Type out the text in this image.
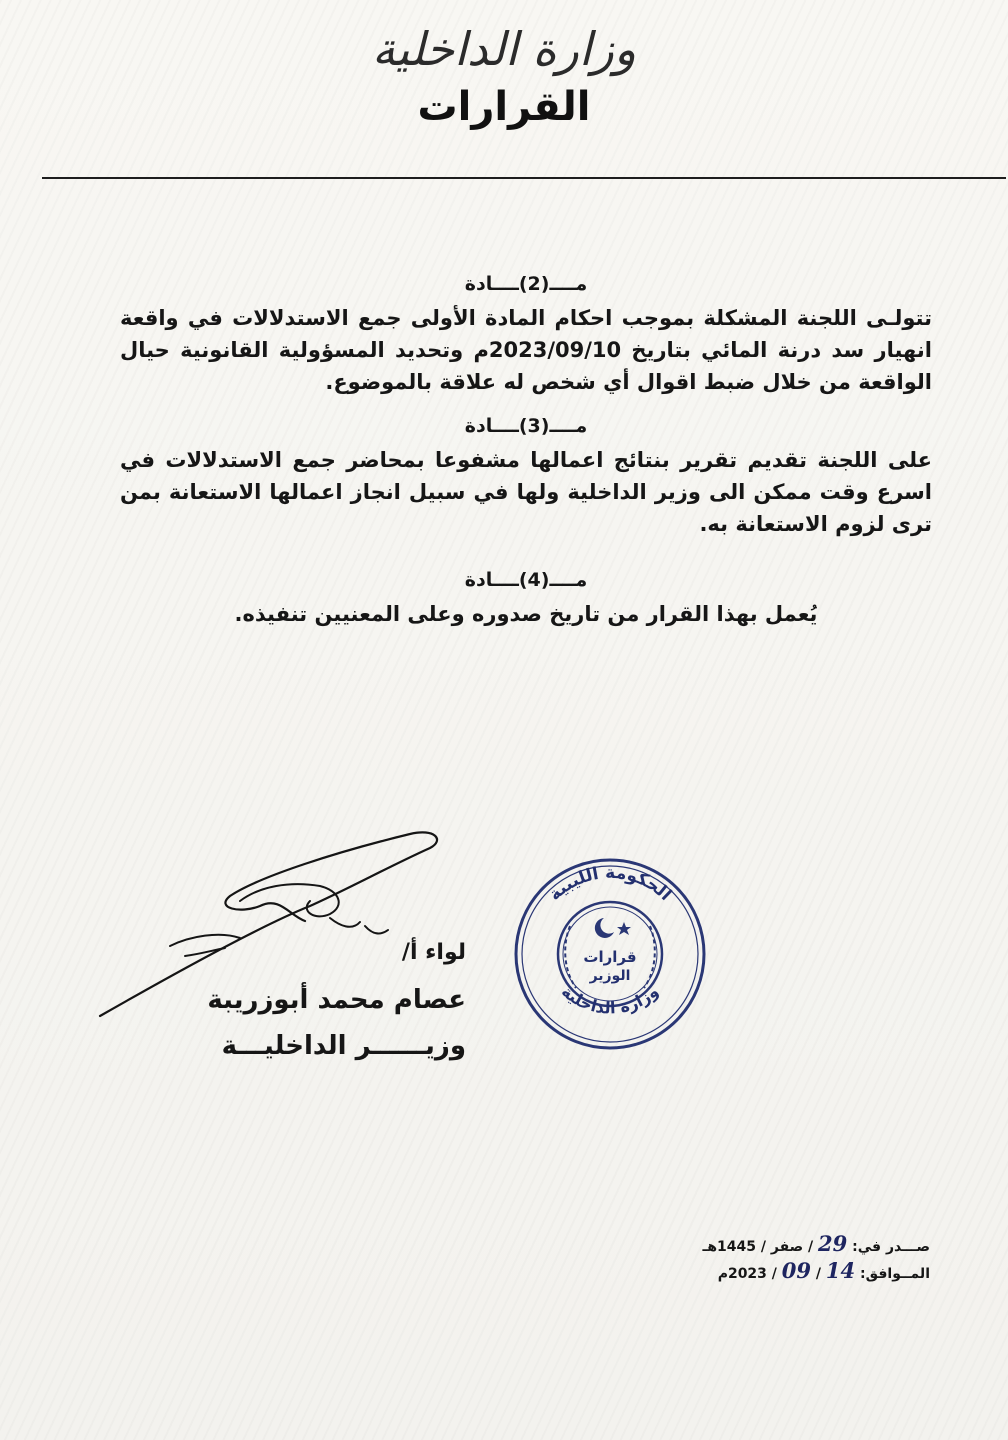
وزارة الداخلية
القرارات

مــــ(2)ــــادة

تتولـى اللجنة المشكلة بموجب احكام المادة الأولى جمع الاستدلالات في واقعة انهيار سد درنة المائي بتاريخ 2023/09/10م وتحديد المسؤولية القانونية حيال الواقعة من خلال ضبط اقوال أي شخص له علاقة بالموضوع.

مــــ(3)ــــادة

على اللجنة تقديم تقرير بنتائج اعمالها مشفوعا بمحاضر جمع الاستدلالات في اسرع وقت ممكن الى وزير الداخلية ولها في سبيل انجاز اعمالها الاستعانة بمن ترى لزوم الاستعانة به.

مــــ(4)ــــادة

يُعمل بهذا القرار من تاريخ صدوره وعلى المعنيين تنفيذه.

لواء أ/
عصام محمد أبوزريبة
وزيــــــر الداخليـــة
الحكومة الليبية
وزارة الداخلية
قرارات
الوزير
صـــدر في: 29 / صفر / 1445هـ
المــوافق: 14 / 09 / 2023م
